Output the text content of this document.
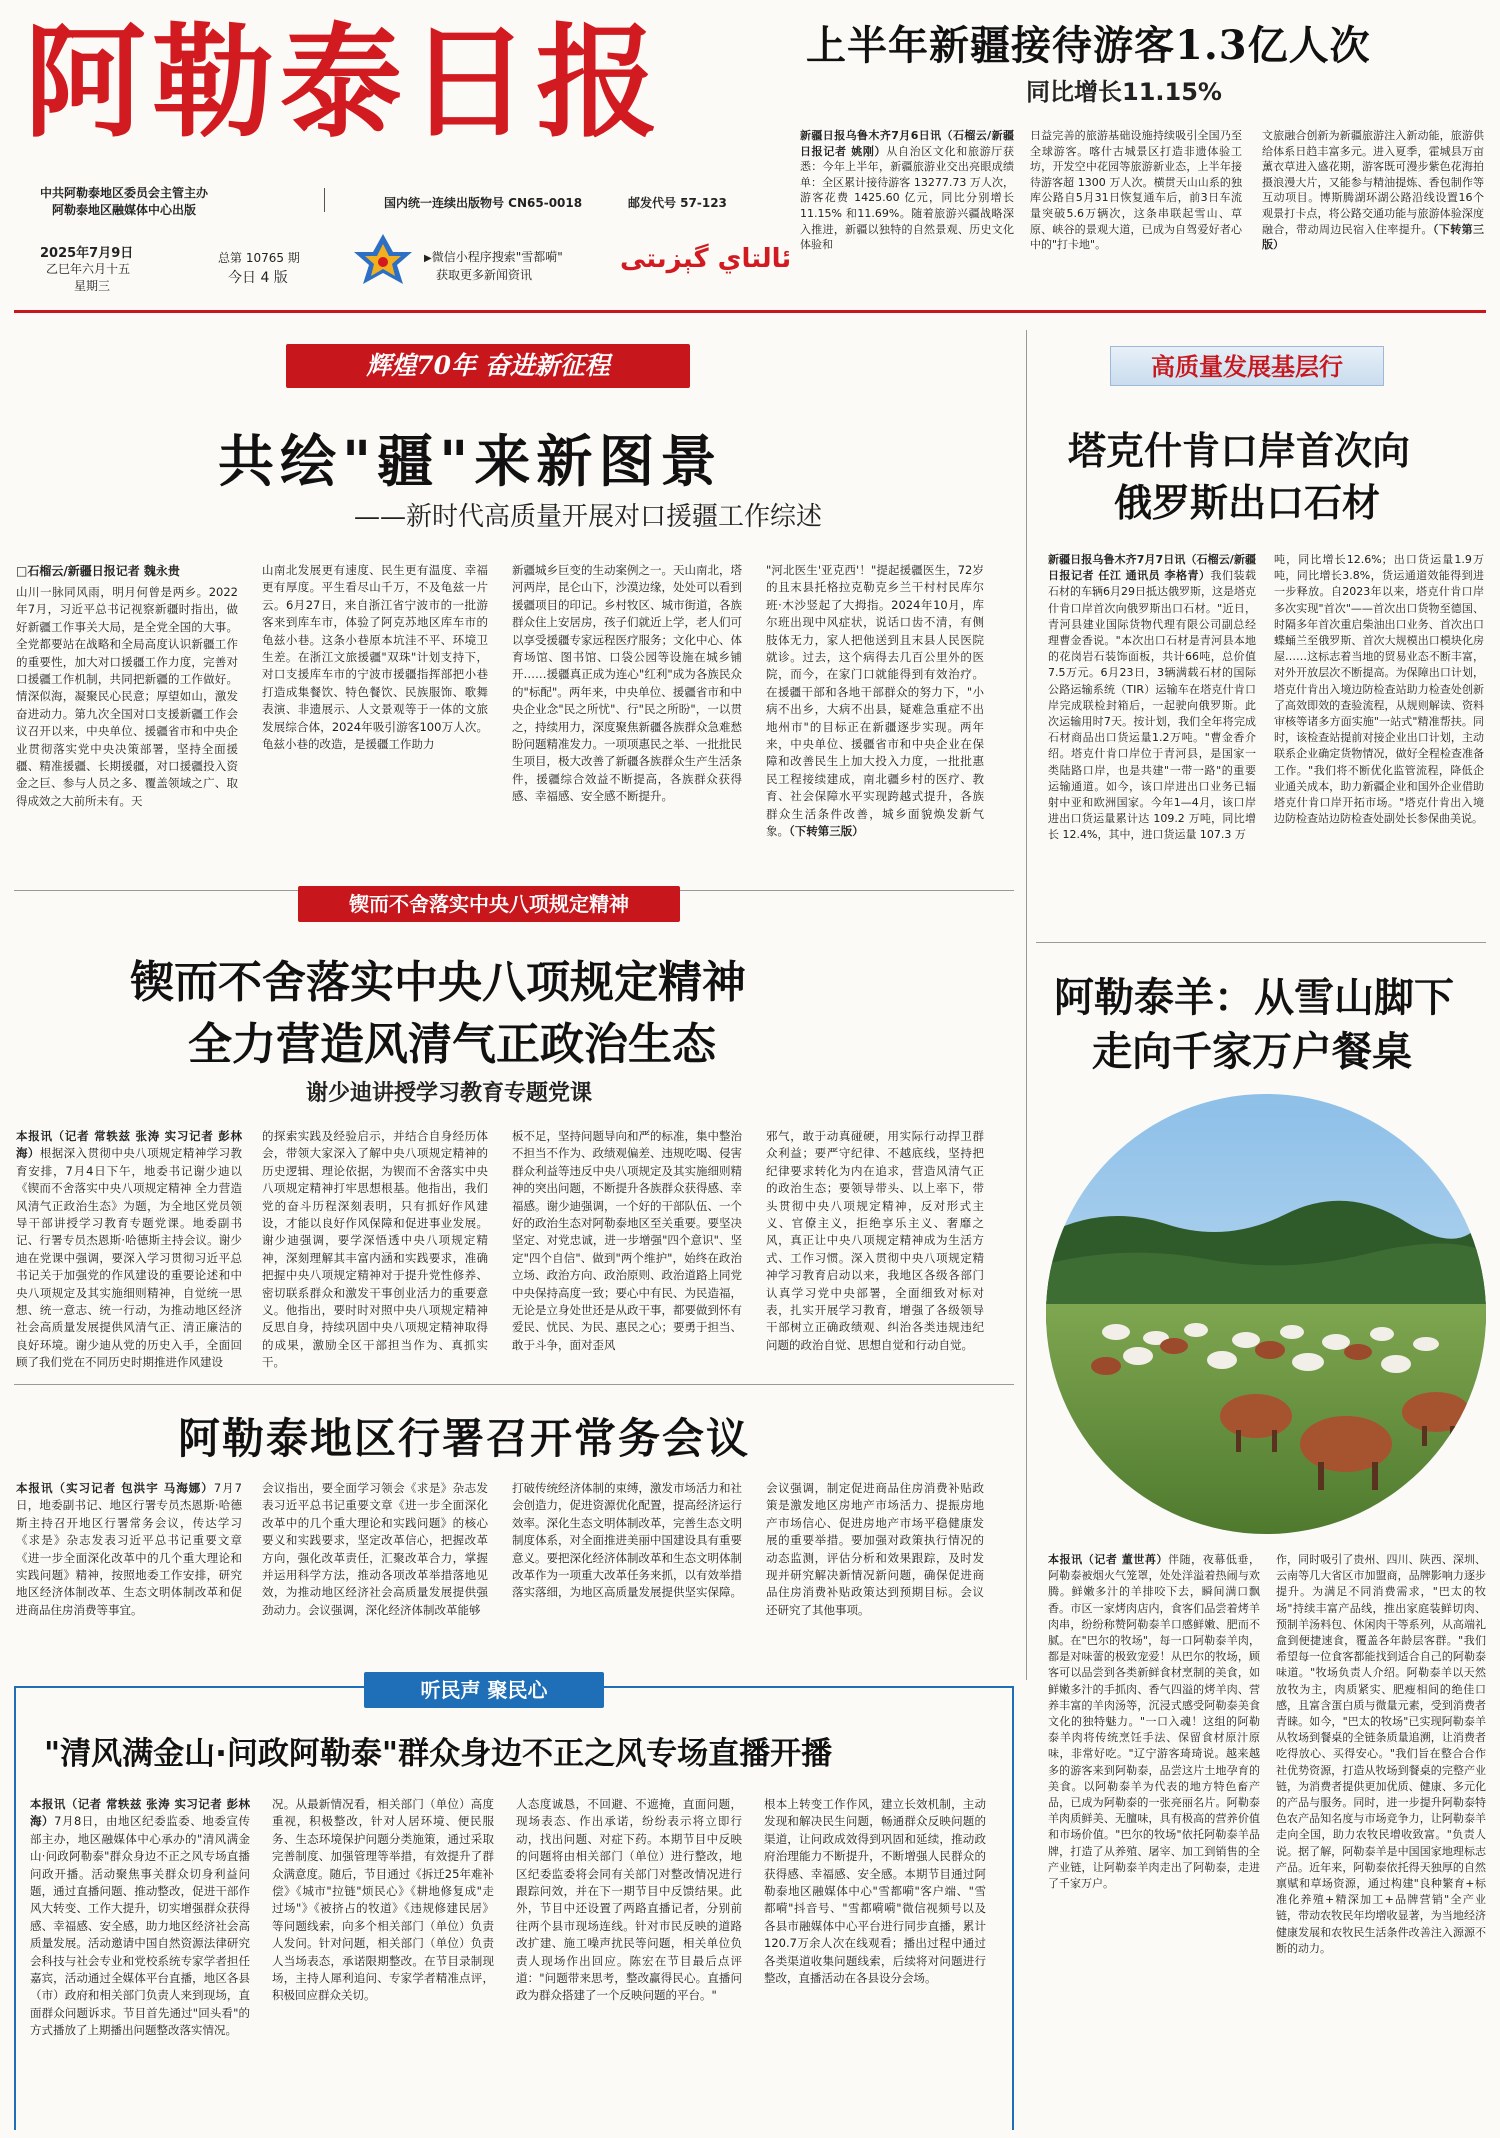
阿勒泰日报
中共阿勒泰地区委员会主管主办
阿勒泰地区融媒体中心出版	国内统一连续出版物号 CN65-0018	邮发代号 57-123
2025年7月9日
乙巳年六月十五
星期三
总第 10765 期
今日 4 版
▶微信小程序搜索"雪都嗬"
获取更多新闻资讯
ئالتاي گېزىتى
上半年新疆接待游客1.3亿人次
同比增长11.15%
新疆日报乌鲁木齐7月6日讯（石榴云/新疆日报记者 姚刚）从自治区文化和旅游厅获悉：今年上半年，新疆旅游业交出亮眼成绩单：全区累计接待游客 13277.73 万人次，游客花费 1425.60 亿元，同比分别增长 11.15% 和11.69%。随着旅游兴疆战略深入推进，新疆以独特的自然景观、历史文化体验和
日益完善的旅游基础设施持续吸引全国乃至全球游客。喀什古城景区打造非遗体验工坊，开发空中花园等旅游新业态，上半年接待游客超 1300 万人次。横贯天山山系的独库公路自5月31日恢复通车后，前3日车流量突破5.6万辆次，这条串联起雪山、草原、峡谷的景观大道，已成为自驾爱好者心中的"打卡地"。
文旅融合创新为新疆旅游注入新动能，旅游供给体系日趋丰富多元。进入夏季，霍城县万亩薰衣草进入盛花期，游客既可漫步紫色花海拍摄浪漫大片，又能参与精油提炼、香包制作等互动项目。博斯腾湖环湖公路沿线设置16个观景打卡点，将公路交通功能与旅游体验深度融合，带动周边民宿入住率提升。（下转第三版）
辉煌70年 奋进新征程
共绘"疆"来新图景
——新时代高质量开展对口援疆工作综述
□石榴云/新疆日报记者 魏永贵
山川一脉同风雨，明月何曾是两乡。2022年7月，习近平总书记视察新疆时指出，做好新疆工作事关大局，是全党全国的大事。全党都要站在战略和全局高度认识新疆工作的重要性，加大对口援疆工作力度，完善对口援疆工作机制，共同把新疆的工作做好。情深似海，凝聚民心民意；厚望如山，激发奋进动力。第九次全国对口支援新疆工作会议召开以来，中央单位、援疆省市和中央企业贯彻落实党中央决策部署，坚持全面援疆、精准援疆、长期援疆，对口援疆投入资金之巨、参与人员之多、覆盖领域之广、取得成效之大前所未有。天
山南北发展更有速度、民生更有温度、幸福更有厚度。平生看尽山千万，不及龟兹一片云。6月27日，来自浙江省宁波市的一批游客来到库车市，体验了阿克苏地区库车市的龟兹小巷。这条小巷原本坑洼不平、环境卫生差。在浙江文旅援疆"双珠"计划支持下，对口支援库车市的宁波市援疆指挥部把小巷打造成集餐饮、特色餐饮、民族服饰、歌舞表演、非遗展示、人文景观等于一体的文旅发展综合体，2024年吸引游客100万人次。龟兹小巷的改造，是援疆工作助力
新疆城乡巨变的生动案例之一。天山南北，塔河两岸，昆仑山下，沙漠边缘，处处可以看到援疆项目的印记。乡村牧区、城市街道，各族群众住上安居房，孩子们就近上学，老人们可以享受援疆专家远程医疗服务；文化中心、体育场馆、图书馆、口袋公园等设施在城乡铺开……援疆真正成为连心"红利"成为各族民众的"标配"。两年来，中央单位、援疆省市和中央企业念"民之所忧"、行"民之所盼"，一以贯之，持续用力，深度聚焦新疆各族群众急难愁盼问题精准发力。一项项惠民之举、一批批民生项目，极大改善了新疆各族群众生产生活条件，援疆综合效益不断提高，各族群众获得感、幸福感、安全感不断提升。
"河北医生'亚克西'！"提起援疆医生，72岁的且末县托格拉克勒克乡兰干村村民库尔班·木沙竖起了大拇指。2024年10月，库尔班出现中风症状，说话口齿不清，有侧肢体无力，家人把他送到且末县人民医院就诊。过去，这个病得去几百公里外的医院，而今，在家门口就能得到有效治疗。在援疆干部和各地干部群众的努力下，"小病不出乡，大病不出县，疑难急重症不出地州市"的目标正在新疆逐步实现。两年来，中央单位、援疆省市和中央企业在保障和改善民生上加大投入力度，一批批惠民工程接续建成，南北疆乡村的医疗、教育、社会保障水平实现跨越式提升，各族群众生活条件改善，城乡面貌焕发新气象。（下转第三版）
高质量发展基层行
塔克什肯口岸首次向
俄罗斯出口石材
新疆日报乌鲁木齐7月7日讯（石榴云/新疆日报记者 任江 通讯员 李格青）我们装载石材的车辆6月29日抵达俄罗斯，这是塔克什肯口岸首次向俄罗斯出口石材。"近日，青河县建业国际货物代理有限公司副总经理曹金香说。"本次出口石材是青河县本地的花岗岩石装饰面板，共计66吨，总价值7.5万元。6月23日，3辆满载石材的国际公路运输系统（TIR）运输车在塔克什肯口岸完成联检封箱后，一起驶向俄罗斯。此次运输用时7天。按计划，我们全年将完成石材商品出口货运量1.2万吨。"曹金香介绍。塔克什肯口岸位于青河县，是国家一类陆路口岸，也是共建"一带一路"的重要运输通道。如今，该口岸进出口业务已辐射中亚和欧洲国家。今年1—4月，该口岸进出口货运量累计达 109.2 万吨，同比增长 12.4%，其中，进口货运量 107.3 万
吨，同比增长12.6%；出口货运量1.9万吨，同比增长3.8%，货运通道效能得到进一步释放。自2023年以来，塔克什肯口岸多次实现"首次"——首次出口货物至德国、时隔多年首次重启柴油出口业务、首次出口蝶蛹兰至俄罗斯、首次大规模出口模块化房屋……这标志着当地的贸易业态不断丰富，对外开放层次不断提高。为保障出口计划，塔克什肯出入境边防检查站助力检查处创新了高效即效的查验流程，从规则解读、资料审核等诸多方面实施"一站式"精准帮扶。同时，该检查站提前对接企业出口计划，主动联系企业确定货物情况，做好全程检查准备工作。"我们将不断优化监管流程，降低企业通关成本，助力新疆企业和国外企业借助塔克什肯口岸开拓市场。"塔克什肯出入境边防检查站边防检查处副处长参保曲美说。
锲而不舍落实中央八项规定精神
锲而不舍落实中央八项规定精神
全力营造风清气正政治生态
谢少迪讲授学习教育专题党课
本报讯（记者 常轶兹 张涛 实习记者 彭林海）根据深入贯彻中央八项规定精神学习教育安排，7月4日下午，地委书记谢少迪以《锲而不舍落实中央八项规定精神 全力营造风清气正政治生态》为题，为全地区党员领导干部讲授学习教育专题党课。地委副书记、行署专员杰恩斯·哈德斯主持会议。谢少迪在党课中强调，要深入学习贯彻习近平总书记关于加强党的作风建设的重要论述和中央八项规定及其实施细则精神，自觉统一思想、统一意志、统一行动，为推动地区经济社会高质量发展提供风清气正、清正廉洁的良好环境。谢少迪从党的历史入手，全面回顾了我们党在不同历史时期推进作风建设
的探索实践及经验启示，并结合自身经历体会，带领大家深入了解中央八项规定精神的历史逻辑、理论依据，为锲而不舍落实中央八项规定精神打牢思想根基。他指出，我们党的奋斗历程深刻表明，只有抓好作风建设，才能以良好作风保障和促进事业发展。谢少迪强调，要学深悟透中央八项规定精神，深刻理解其丰富内涵和实践要求，准确把握中央八项规定精神对于提升党性修养、密切联系群众和激发干事创业活力的重要意义。他指出，要时时对照中央八项规定精神反思自身，持续巩固中央八项规定精神取得的成果，激励全区干部担当作为、真抓实干。
板不足，坚持问题导向和严的标准，集中整治不担当不作为、政绩观偏差、违规吃喝、侵害群众利益等违反中央八项规定及其实施细则精神的突出问题，不断提升各族群众获得感、幸福感。谢少迪强调，一个好的干部队伍、一个好的政治生态对阿勒泰地区至关重要。要坚决坚定、对党忠诚，进一步增强"四个意识"、坚定"四个自信"、做到"两个维护"，始终在政治立场、政治方向、政治原则、政治道路上同党中央保持高度一致；要心中有民、为民造福，无论是立身处世还是从政干事，都要做到怀有爱民、忧民、为民、惠民之心；要勇于担当、敢于斗争，面对歪风
邪气，敢于动真碰硬，用实际行动捍卫群众利益；要严守纪律、不越底线，坚持把纪律要求转化为内在追求，营造风清气正的政治生态；要领导带头、以上率下，带头贯彻中央八项规定精神，反对形式主义、官僚主义，拒绝享乐主义、奢靡之风，真正让中央八项规定精神成为生活方式、工作习惯。深入贯彻中央八项规定精神学习教育启动以来，我地区各级各部门认真学习党中央部署，全面细致对标对表，扎实开展学习教育，增强了各级领导干部树立正确政绩观、纠治各类违规违纪问题的政治自觉、思想自觉和行动自觉。
阿勒泰羊：从雪山脚下
走向千家万户餐桌
本报讯（记者 董世苒）伴随，夜幕低垂，阿勒泰被烟火气笼罩，处处洋溢着热闹与欢腾。鲜嫩多汁的羊排咬下去，瞬间满口飘香。市区一家烤肉店内，食客们品尝着烤羊肉串，纷纷称赞阿勒泰羊口感鲜嫩、肥而不腻。在"巴尔的牧场"，每一口阿勒泰羊肉，都是对味蕾的极致宠爱！从巴尔的牧场，顾客可以品尝到各类新鲜食材烹制的美食，如鲜嫩多汁的手抓肉、香气四溢的烤羊肉、营养丰富的羊肉汤等，沉浸式感受阿勒泰美食文化的独特魅力。"一口入魂！这组的阿勒泰羊肉将传统烹饪手法、保留食材原汁原味，非常好吃。"辽宁游客琦琦说。越来越多的游客来到阿勒泰，品尝这片土地孕育的美食。以阿勒泰羊为代表的地方特色畜产品，已成为阿勒泰的一张亮丽名片。阿勒泰羊肉质鲜美、无膻味，具有极高的营养价值和市场价值。"巴尔的牧场"依托阿勒泰羊品牌，打造了从养殖、屠宰、加工到销售的全产业链，让阿勒泰羊肉走出了阿勒泰，走进了千家万户。
作，同时吸引了贵州、四川、陕西、深圳、云南等几大省区市加盟商，品牌影响力逐步提升。为满足不同消费需求，"巴太的牧场"持续丰富产品线，推出家庭装鲜切肉、预制羊汤料包、休闲肉干等系列，从高端礼盒到便捷速食，覆盖各年龄层客群。"我们希望每一位食客都能找到适合自己的阿勒泰味道。"牧场负责人介绍。阿勒泰羊以天然放牧为主，肉质紧实、肥瘦相间的绝佳口感，且富含蛋白质与微量元素，受到消费者青睐。如今，"巴太的牧场"已实现阿勒泰羊从牧场到餐桌的全链条质量追溯，让消费者吃得放心、买得安心。"我们旨在整合合作社优势资源，打造从牧场到餐桌的完整产业链，为消费者提供更加优质、健康、多元化的产品与服务。同时，进一步提升阿勒泰特色农产品知名度与市场竞争力，让阿勒泰羊走向全国，助力农牧民增收致富。"负责人说。据了解，阿勒泰羊是中国国家地理标志产品。近年来，阿勒泰依托得天独厚的自然禀赋和草场资源，通过构建"良种繁育+标准化养殖+精深加工+品牌营销"全产业链，带动农牧民年均增收显著，为当地经济健康发展和农牧民生活条件改善注入源源不断的动力。
阿勒泰地区行署召开常务会议
本报讯（实习记者 包洪宇 马海娜）7月7日，地委副书记、地区行署专员杰恩斯·哈德斯主持召开地区行署常务会议，传达学习《求是》杂志发表习近平总书记重要文章《进一步全面深化改革中的几个重大理论和实践问题》精神，按照地委工作安排，研究地区经济体制改革、生态文明体制改革和促进商品住房消费等事宜。
会议指出，要全面学习领会《求是》杂志发表习近平总书记重要文章《进一步全面深化改革中的几个重大理论和实践问题》的核心要义和实践要求，坚定改革信心，把握改革方向，强化改革责任，汇聚改革合力，掌握并运用科学方法，推动各项改革举措落地见效，为推动地区经济社会高质量发展提供强劲动力。会议强调，深化经济体制改革能够
打破传统经济体制的束缚，激发市场活力和社会创造力，促进资源优化配置，提高经济运行效率。深化生态文明体制改革，完善生态文明制度体系，对全面推进美丽中国建设具有重要意义。要把深化经济体制改革和生态文明体制改革作为一项重大改革任务来抓，以有效举措落实落细，为地区高质量发展提供坚实保障。
会议强调，制定促进商品住房消费补贴政策是激发地区房地产市场活力、提振房地产市场信心、促进房地产市场平稳健康发展的重要举措。要加强对政策执行情况的动态监测，评估分析和效果跟踪，及时发现并研究解决新情况新问题，确保促进商品住房消费补贴政策达到预期目标。会议还研究了其他事项。
听民声 聚民心
"清风满金山·问政阿勒泰"群众身边不正之风专场直播开播
本报讯（记者 常轶兹 张涛 实习记者 彭林海）7月8日，由地区纪委监委、地委宣传部主办，地区融媒体中心承办的"清风满金山·问政阿勒泰"群众身边不正之风专场直播问政开播。活动聚焦事关群众切身利益问题，通过直播问题、推动整改，促进干部作风大转变、工作大提升，切实增强群众获得感、幸福感、安全感，助力地区经济社会高质量发展。活动邀请中国自然资源法律研究会科技与社会专业和党校系统专家学者担任嘉宾，活动通过全媒体平台直播，地区各县（市）政府和相关部门负责人来到现场，直面群众问题诉求。节目首先通过"回头看"的方式播放了上期播出问题整改落实情况。
况。从最新情况看，相关部门（单位）高度重视，积极整改，针对人居环境、便民服务、生态环境保护问题分类施策，通过采取完善制度、加强管理等举措，有效提升了群众满意度。随后，节目通过《拆迁25年难补偿》《城市"拉链"烦民心》《耕地修复成"走过场"》《被挤占的牧道》《违规修建民居》等问题线索，向多个相关部门（单位）负责人发问。针对问题，相关部门（单位）负责人当场表态，承诺限期整改。在节目录制现场，主持人犀利追问、专家学者精准点评，积极回应群众关切。
人态度诚恳，不回避、不遮掩，直面问题，现场表态、作出承诺，纷纷表示将立即行动，找出问题、对症下药。本期节目中反映的问题将由相关部门（单位）进行整改，地区纪委监委将会同有关部门对整改情况进行跟踪问效，并在下一期节目中反馈结果。此外，节目中还设置了两路直播记者，分别前往两个县市现场连线。针对市民反映的道路改扩建、施工噪声扰民等问题，相关单位负责人现场作出回应。陈宏在节目最后点评道："问题带来思考，整改赢得民心。直播问政为群众搭建了一个反映问题的平台。"
根本上转变工作作风，建立长效机制，主动发现和解决民生问题，畅通群众反映问题的渠道，让问政成效得到巩固和延续，推动政府治理能力不断提升，不断增强人民群众的获得感、幸福感、安全感。本期节目通过阿勒泰地区融媒体中心"雪都嗬"客户端、"雪都嗬"抖音号、"雪都嗬嗬"微信视频号以及各县市融媒体中心平台进行同步直播，累计120.7万余人次在线观看；播出过程中通过各类渠道收集问题线索，后续将对问题进行整改，直播活动在各县设分会场。
